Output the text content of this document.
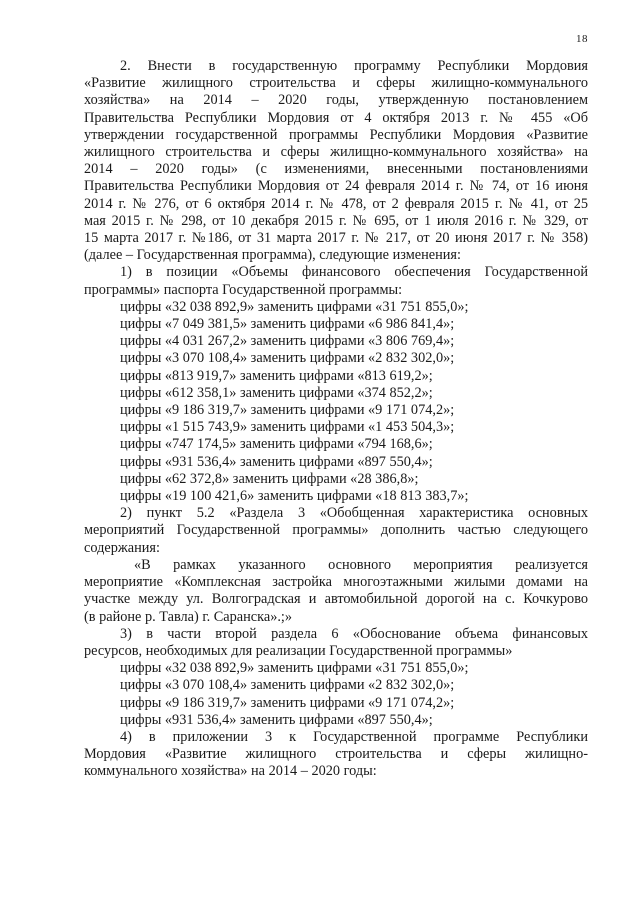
18
2. Внести в государственную программу Республики Мордовия
«Развитие жилищного строительства и сферы жилищно-коммунального
хозяйства» на 2014 – 2020 годы, утвержденную постановлением
Правительства Республики Мордовия от 4 октября 2013 г. № 455 «Об
утверждении государственной программы Республики Мордовия «Развитие
жилищного строительства и сферы жилищно-коммунального хозяйства» на
2014 – 2020 годы» (с изменениями, внесенными постановлениями
Правительства Республики Мордовия от 24 февраля 2014 г. № 74, от 16 июня
2014 г. № 276, от 6 октября 2014 г. № 478, от 2 февраля 2015 г. № 41, от 25
мая 2015 г. № 298, от 10 декабря 2015 г. № 695, от 1 июля 2016 г. № 329, от
15 марта 2017 г. №186, от 31 марта 2017 г. № 217, от 20 июня 2017 г. № 358)
(далее – Государственная программа), следующие изменения:
1) в позиции «Объемы финансового обеспечения Государственной
программы» паспорта Государственной программы:
цифры «32 038 892,9» заменить цифрами «31 751 855,0»;
цифры «7 049 381,5» заменить цифрами «6 986 841,4»;
цифры «4 031 267,2» заменить цифрами «3 806 769,4»;
цифры «3 070 108,4» заменить цифрами «2 832 302,0»;
цифры «813 919,7» заменить цифрами «813 619,2»;
цифры «612 358,1» заменить цифрами «374 852,2»;
цифры «9 186 319,7» заменить цифрами «9 171 074,2»;
цифры «1 515 743,9» заменить цифрами «1 453 504,3»;
цифры «747 174,5» заменить цифрами «794 168,6»;
цифры «931 536,4» заменить цифрами «897 550,4»;
цифры «62 372,8» заменить цифрами «28 386,8»;
цифры «19 100 421,6» заменить цифрами «18 813 383,7»;
2) пункт 5.2 «Раздела 3 «Обобщенная характеристика основных
мероприятий Государственной программы» дополнить частью следующего
содержания:
«В рамках указанного основного мероприятия реализуется
мероприятие «Комплексная застройка многоэтажными жилыми домами на
участке между ул. Волгоградская и автомобильной дорогой на с. Кочкурово
(в районе р. Тавла) г. Саранска».;»
3) в части второй раздела 6 «Обоснование объема финансовых
ресурсов, необходимых для реализации Государственной программы»
цифры «32 038 892,9» заменить цифрами «31 751 855,0»;
цифры «3 070 108,4» заменить цифрами «2 832 302,0»;
цифры «9 186 319,7» заменить цифрами «9 171 074,2»;
цифры «931 536,4» заменить цифрами «897 550,4»;
4) в приложении 3 к Государственной программе Республики
Мордовия «Развитие жилищного строительства и сферы жилищно-
коммунального хозяйства» на 2014 – 2020 годы:
